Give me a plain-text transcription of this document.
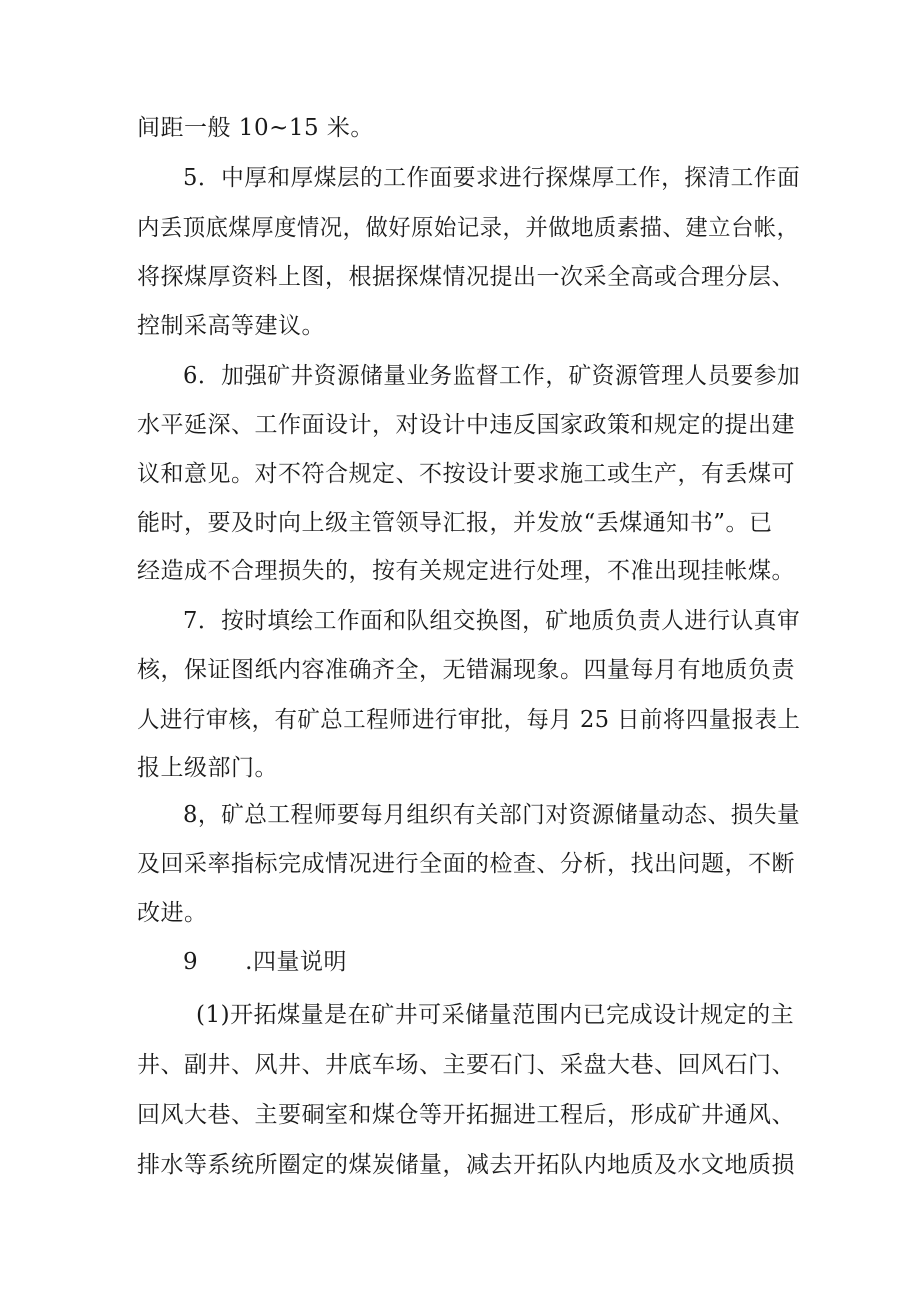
间距一般 10~15 米。

5．中厚和厚煤层的工作面要求进行探煤厚工作，探清工作面

内丢顶底煤厚度情况，做好原始记录，并做地质素描、建立台帐，

将探煤厚资料上图，根据探煤情况提出一次采全高或合理分层、

控制采高等建议。

6．加强矿井资源储量业务监督工作，矿资源管理人员要参加

水平延深、工作面设计，对设计中违反国家政策和规定的提出建

议和意见。对不符合规定、不按设计要求施工或生产，有丢煤可

能时，要及时向上级主管领导汇报，并发放“丢煤通知书”。已

经造成不合理损失的，按有关规定进行处理，不准出现挂帐煤。

7．按时填绘工作面和队组交换图，矿地质负责人进行认真审

核，保证图纸内容准确齐全，无错漏现象。四量每月有地质负责

人进行审核，有矿总工程师进行审批，每月 25 日前将四量报表上

报上级部门。

8，矿总工程师要每月组织有关部门对资源储量动态、损失量

及回采率指标完成情况进行全面的检查、分析，找出问题，不断

改进。

9　　.四量说明

(1)开拓煤量是在矿井可采储量范围内已完成设计规定的主

井、副井、风井、井底车场、主要石门、采盘大巷、回风石门、

回风大巷、主要硐室和煤仓等开拓掘进工程后，形成矿井通风、

排水等系统所圈定的煤炭储量，减去开拓队内地质及水文地质损
